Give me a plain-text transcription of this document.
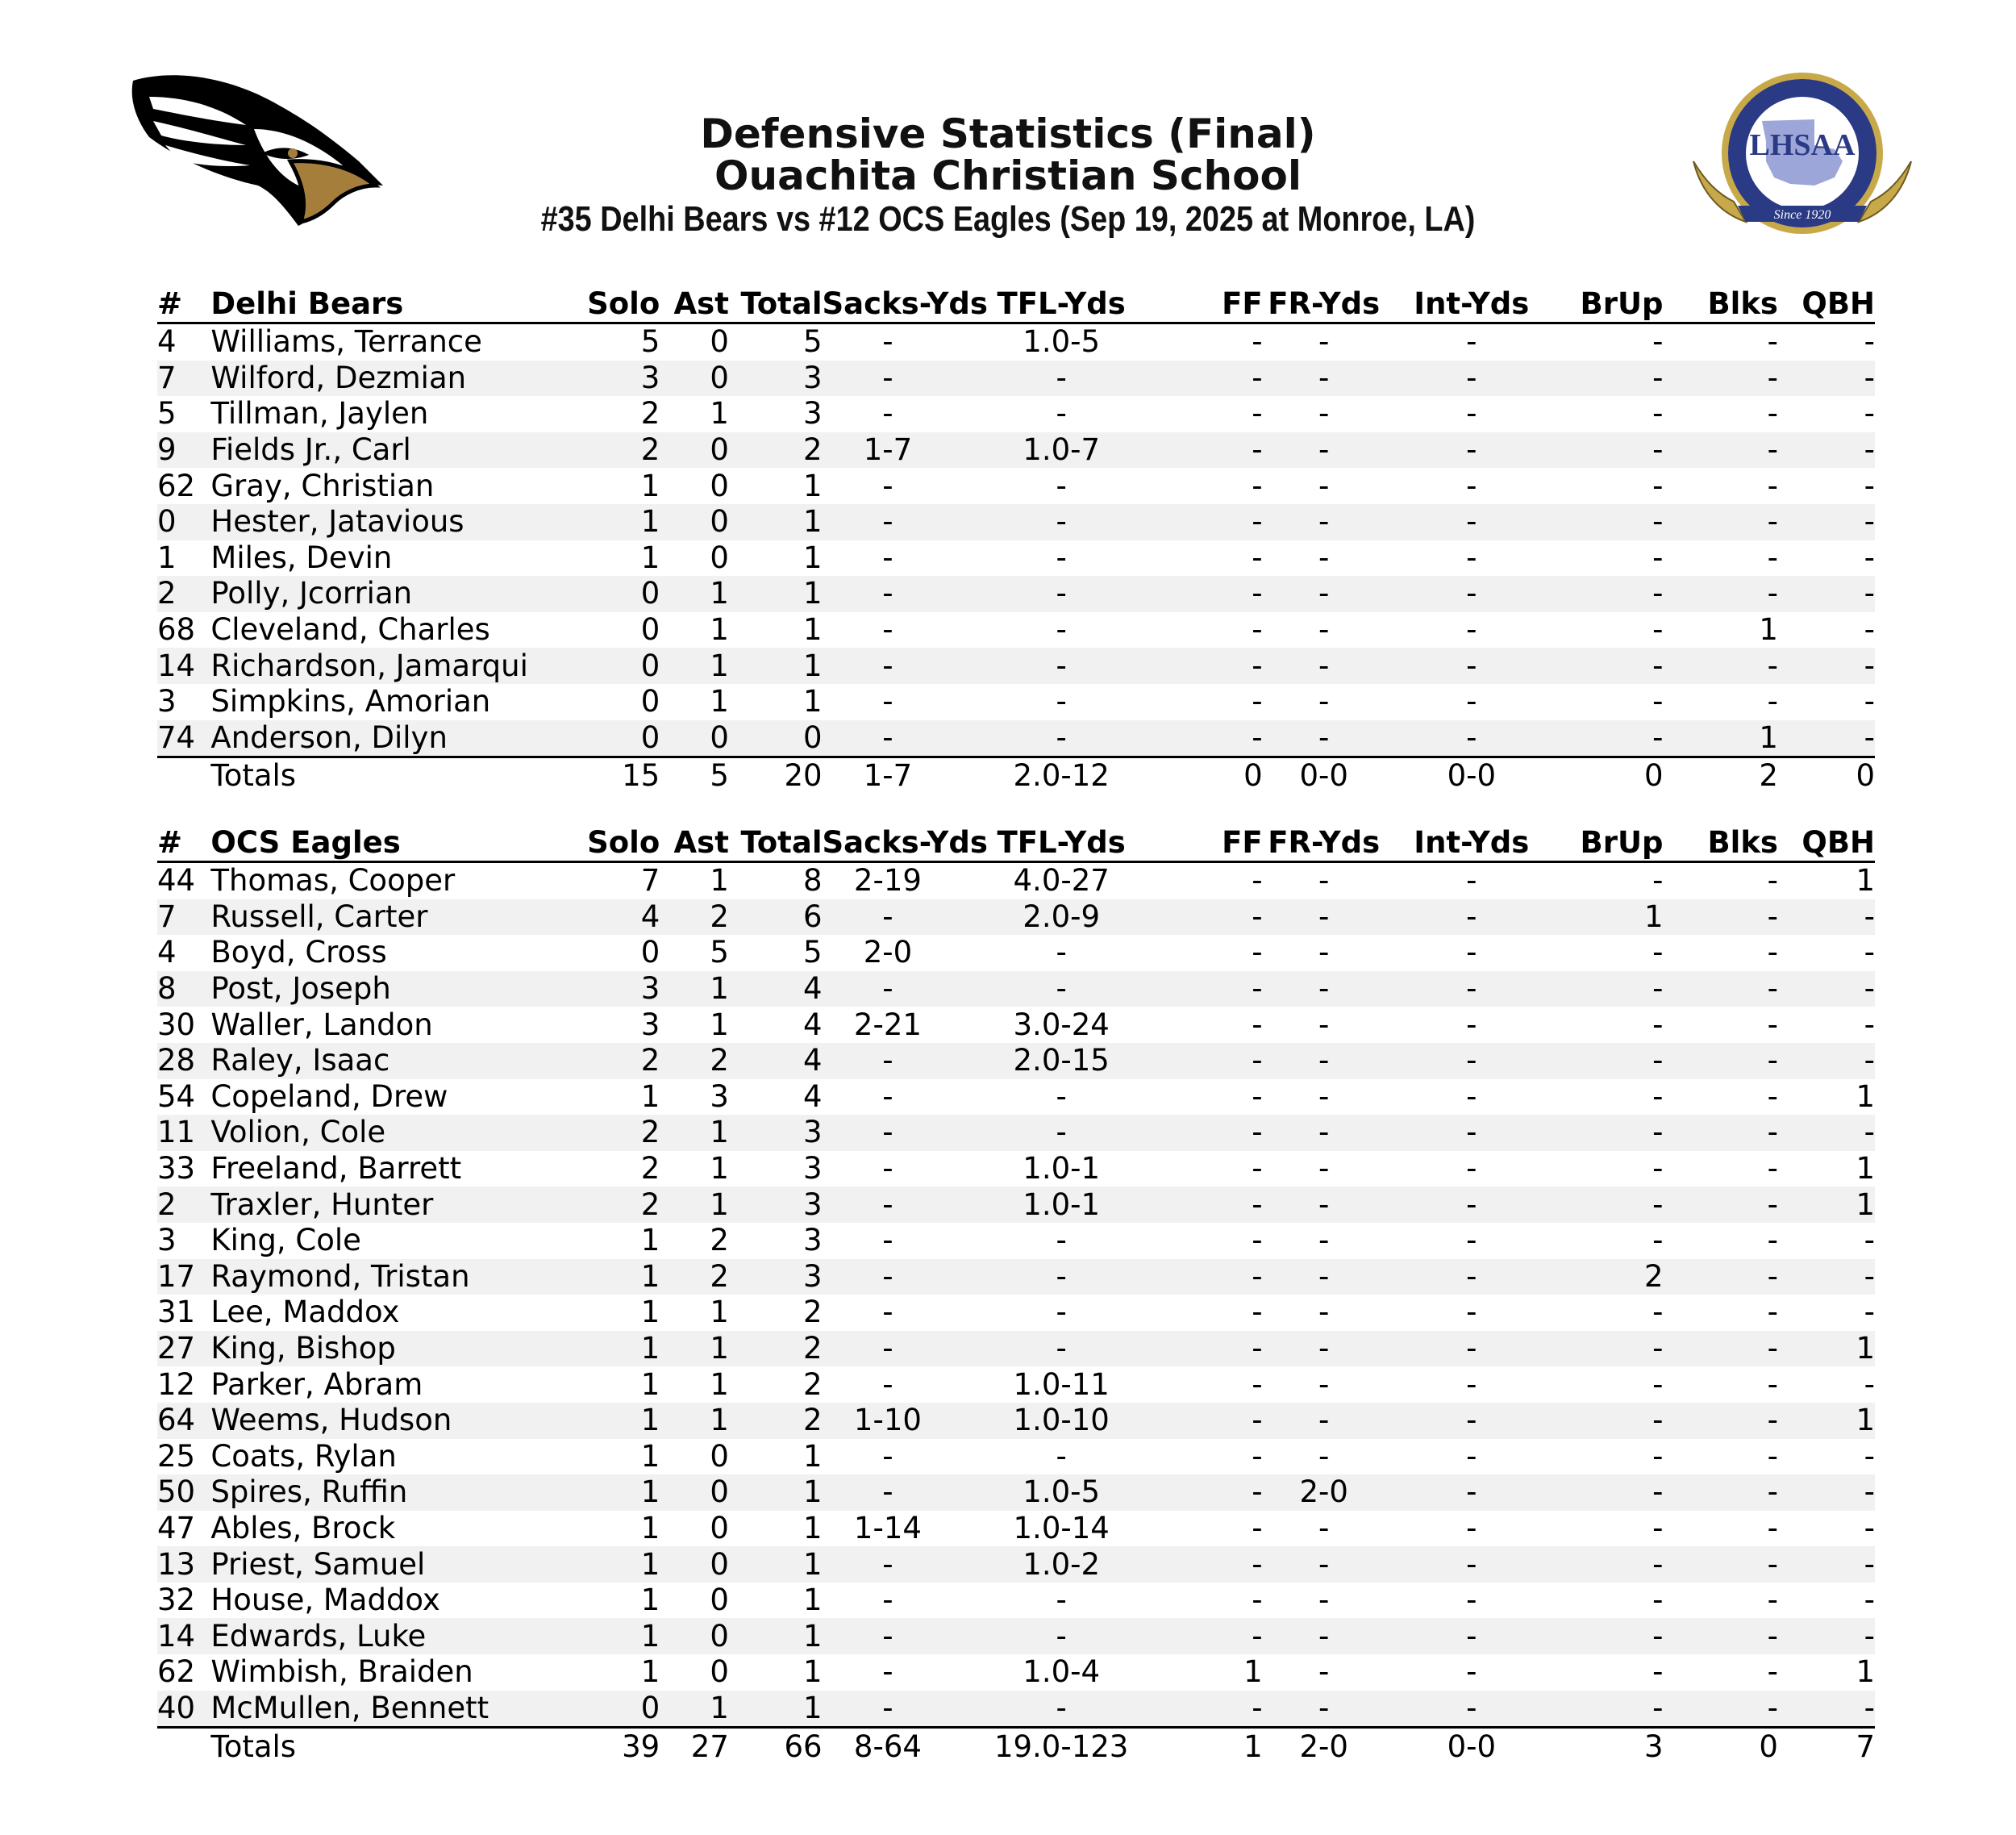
LHSAA
Since 1920
Defensive Statistics (Final)
Ouachita Christian School
#35 Delhi Bears vs #12 OCS Eagles (Sep 19, 2025 at Monroe, LA)
#	Delhi Bears	Solo	Ast	Total	Sacks-Yds	TFL-Yds	FF	FR-Yds	Int-Yds	BrUp	Blks	QBH
4	Williams, Terrance	5	0	5	-	1.0-5	-	-	-	-	-	-
7	Wilford, Dezmian	3	0	3	-	-	-	-	-	-	-	-
5	Tillman, Jaylen	2	1	3	-	-	-	-	-	-	-	-
9	Fields Jr., Carl	2	0	2	1-7	1.0-7	-	-	-	-	-	-
62	Gray, Christian	1	0	1	-	-	-	-	-	-	-	-
0	Hester, Jatavious	1	0	1	-	-	-	-	-	-	-	-
1	Miles, Devin	1	0	1	-	-	-	-	-	-	-	-
2	Polly, Jcorrian	0	1	1	-	-	-	-	-	-	-	-
68	Cleveland, Charles	0	1	1	-	-	-	-	-	-	1	-
14	Richardson, Jamarqui	0	1	1	-	-	-	-	-	-	-	-
3	Simpkins, Amorian	0	1	1	-	-	-	-	-	-	-	-
74	Anderson, Dilyn	0	0	0	-	-	-	-	-	-	1	-
	Totals	15	5	20	1-7	2.0-12	0	0-0	0-0	0	2	0
#	OCS Eagles	Solo	Ast	Total	Sacks-Yds	TFL-Yds	FF	FR-Yds	Int-Yds	BrUp	Blks	QBH
44	Thomas, Cooper	7	1	8	2-19	4.0-27	-	-	-	-	-	1
7	Russell, Carter	4	2	6	-	2.0-9	-	-	-	1	-	-
4	Boyd, Cross	0	5	5	2-0	-	-	-	-	-	-	-
8	Post, Joseph	3	1	4	-	-	-	-	-	-	-	-
30	Waller, Landon	3	1	4	2-21	3.0-24	-	-	-	-	-	-
28	Raley, Isaac	2	2	4	-	2.0-15	-	-	-	-	-	-
54	Copeland, Drew	1	3	4	-	-	-	-	-	-	-	1
11	Volion, Cole	2	1	3	-	-	-	-	-	-	-	-
33	Freeland, Barrett	2	1	3	-	1.0-1	-	-	-	-	-	1
2	Traxler, Hunter	2	1	3	-	1.0-1	-	-	-	-	-	1
3	King, Cole	1	2	3	-	-	-	-	-	-	-	-
17	Raymond, Tristan	1	2	3	-	-	-	-	-	2	-	-
31	Lee, Maddox	1	1	2	-	-	-	-	-	-	-	-
27	King, Bishop	1	1	2	-	-	-	-	-	-	-	1
12	Parker, Abram	1	1	2	-	1.0-11	-	-	-	-	-	-
64	Weems, Hudson	1	1	2	1-10	1.0-10	-	-	-	-	-	1
25	Coats, Rylan	1	0	1	-	-	-	-	-	-	-	-
50	Spires, Ruffin	1	0	1	-	1.0-5	-	2-0	-	-	-	-
47	Ables, Brock	1	0	1	1-14	1.0-14	-	-	-	-	-	-
13	Priest, Samuel	1	0	1	-	1.0-2	-	-	-	-	-	-
32	House, Maddox	1	0	1	-	-	-	-	-	-	-	-
14	Edwards, Luke	1	0	1	-	-	-	-	-	-	-	-
62	Wimbish, Braiden	1	0	1	-	1.0-4	1	-	-	-	-	1
40	McMullen, Bennett	0	1	1	-	-	-	-	-	-	-	-
	Totals	39	27	66	8-64	19.0-123	1	2-0	0-0	3	0	7
